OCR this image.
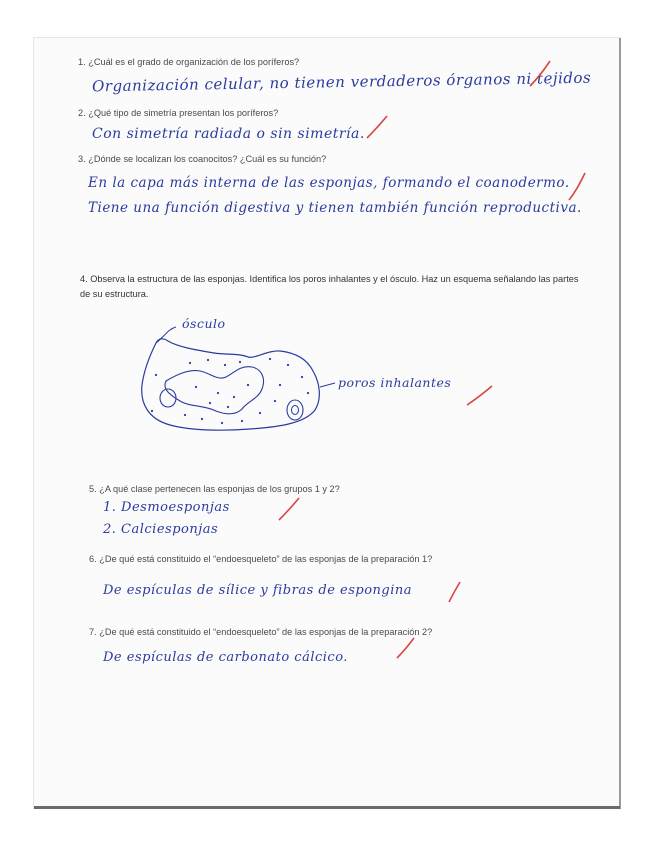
1. ¿Cuál es el grado de organización de los poríferos?
Organización celular, no tienen verdaderos órganos ni tejidos
2. ¿Qué tipo de simetría presentan los poríferos?
Con simetría radiada o sin simetría.
3. ¿Dónde se localizan los coanocitos? ¿Cuál es su función?
En la capa más interna de las esponjas, formando el coanodermo.
Tiene una función digestiva y tienen también función reproductiva.
4. Observa la estructura de las esponjas. Identifica los poros inhalantes y el ósculo. Haz un esquema señalando las partes de su estructura.
ósculo
poros inhalantes
5. ¿A qué clase pertenecen las esponjas de los grupos 1 y 2?
1. Desmoesponjas
2. Calciesponjas
6. ¿De qué está constituido el “endoesqueleto” de las esponjas de la preparación 1?
De espículas de sílice y fibras de espongina
7. ¿De qué está constituido el “endoesqueleto” de las esponjas de la preparación 2?
De espículas de carbonato cálcico.
